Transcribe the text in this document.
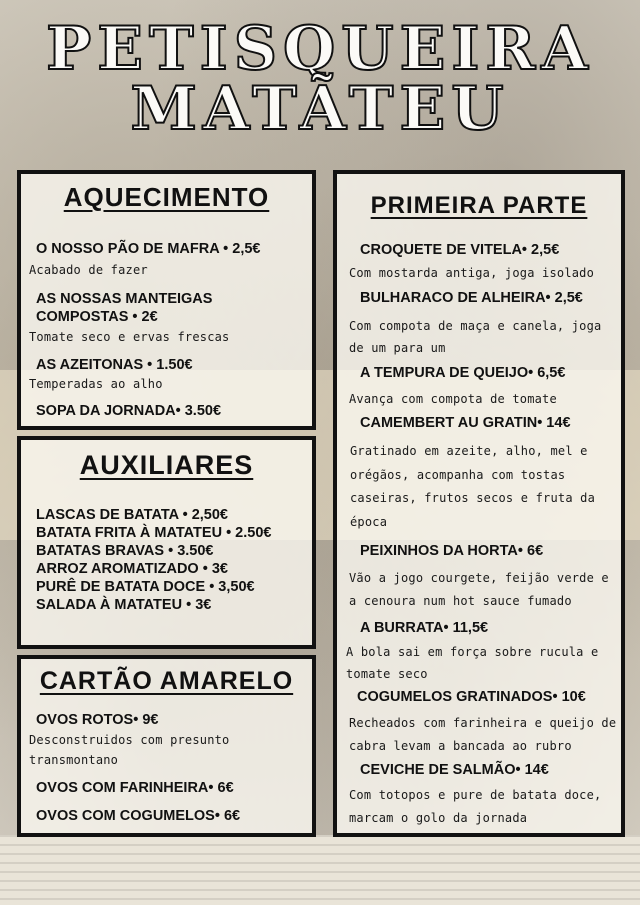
PETISQUEIRA
MATÃTEU
AQUECIMENTO
O NOSSO PÃO DE MAFRA • 2,5€
Acabado de fazer
AS NOSSAS MANTEIGAS
COMPOSTAS • 2€
Tomate seco e ervas frescas
AS AZEITONAS • 1.50€
Temperadas ao alho
SOPA DA JORNADA• 3.50€
AUXILIARES
LASCAS DE BATATA • 2,50€
BATATA FRITA À MATATEU • 2.50€
BATATAS BRAVAS • 3.50€
ARROZ AROMATIZADO • 3€
PURÊ DE BATATA DOCE • 3,50€
SALADA À MATATEU • 3€
CARTÃO AMARELO
OVOS ROTOS• 9€
Desconstruidos com presunto transmontano
OVOS COM FARINHEIRA• 6€
OVOS COM COGUMELOS• 6€
PRIMEIRA PARTE
CROQUETE DE VITELA• 2,5€
Com mostarda antiga, joga isolado
BULHARACO DE ALHEIRA• 2,5€
Com compota de maça e canela, joga de um para um
A TEMPURA DE QUEIJO• 6,5€
Avança com compota de tomate
CAMEMBERT AU GRATIN• 14€
Gratinado em azeite, alho, mel e orégãos, acompanha com tostas caseiras, frutos secos e fruta da época
PEIXINHOS DA HORTA• 6€
Vão a jogo courgete, feijão verde e a cenoura num hot sauce fumado
A BURRATA• 11,5€
A bola sai em força sobre rucula e tomate seco
COGUMELOS GRATINADOS• 10€
Recheados com farinheira e queijo de cabra levam a bancada ao rubro
CEVICHE DE SALMÃO• 14€
Com totopos e pure de batata doce, marcam o golo da jornada
